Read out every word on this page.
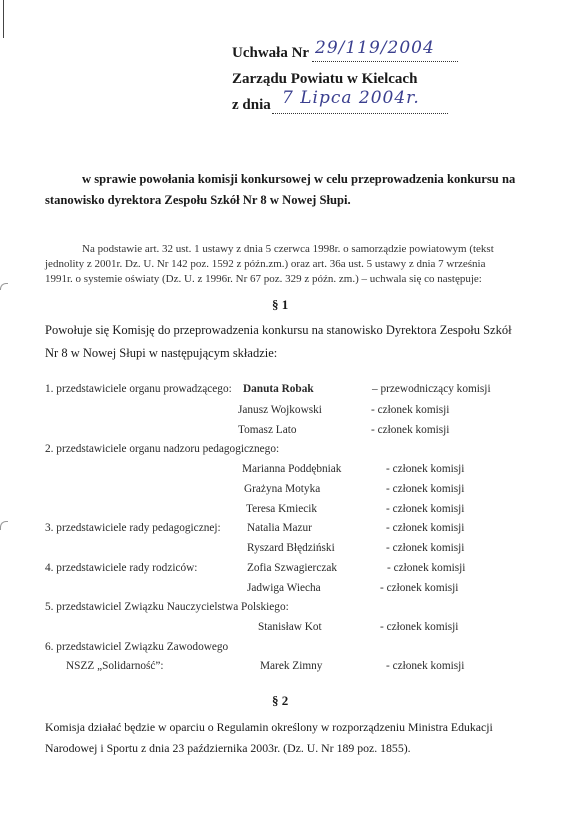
Uchwała Nr 29/119/2004
Zarządu Powiatu w Kielcach
z dnia 7 Lipca 2004r.
w sprawie powołania komisji konkursowej w celu przeprowadzenia konkursu na
stanowisko dyrektora Zespołu Szkół Nr 8 w Nowej Słupi.
Na podstawie art. 32 ust. 1 ustawy z dnia 5 czerwca 1998r. o samorządzie powiatowym (tekst
jednolity z 2001r. Dz. U. Nr 142 poz. 1592 z późn.zm.) oraz art. 36a ust. 5 ustawy z dnia 7 września
1991r. o systemie oświaty (Dz. U. z 1996r. Nr 67 poz. 329 z późn. zm.) – uchwala się co następuje:
§ 1
Powołuje się Komisję do przeprowadzenia konkursu na stanowisko Dyrektora Zespołu Szkół
Nr 8 w Nowej Słupi w następującym składzie:
1. przedstawiciele organu prowadzącego: Danuta Robak	– przewodniczący komisji
Janusz Wojkowski	- członek komisji
Tomasz Lato	- członek komisji
2. przedstawiciele organu nadzoru pedagogicznego:
Marianna Poddębniak	- członek komisji
Grażyna Motyka	- członek komisji
Teresa Kmiecik	- członek komisji
3. przedstawiciele rady pedagogicznej: Natalia Mazur	- członek komisji
Ryszard Błędziński	- członek komisji
4. przedstawiciele rady rodziców:	Zofia Szwagierczak	- członek komisji
Jadwiga Wiecha	- członek komisji
5. przedstawiciel Związku Nauczycielstwa Polskiego:
Stanisław Kot	- członek komisji
6. przedstawiciel Związku Zawodowego
NSZZ „Solidarność”:	Marek Zimny	- członek komisji
§ 2
Komisja działać będzie w oparciu o Regulamin określony w rozporządzeniu Ministra Edukacji
Narodowej i Sportu z dnia 23 października 2003r. (Dz. U. Nr 189 poz. 1855).
